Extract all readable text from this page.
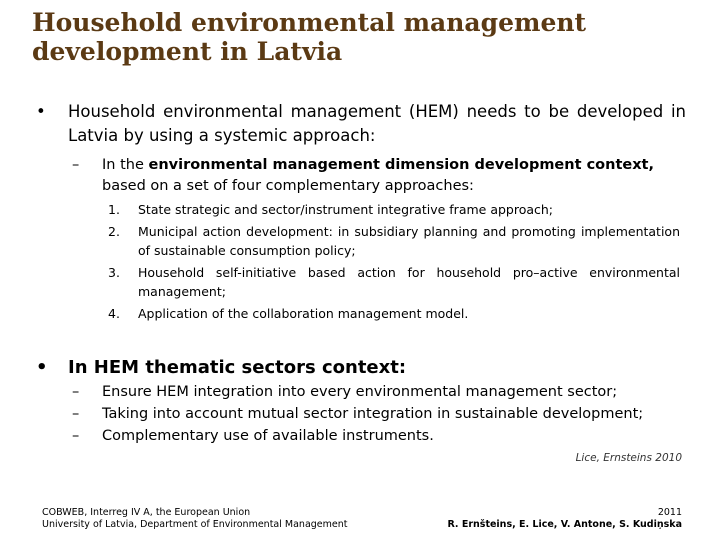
Household environmental management development in Latvia
• Household environmental management (HEM) needs to be developed in Latvia by using a systemic approach:
– In the environmental management dimension development context, based on a set of four complementary approaches:
1. State strategic and sector/instrument integrative frame approach;
2. Municipal action development: in subsidiary planning and promoting implementation of sustainable consumption policy;
3. Household self-initiative based action for household pro–active environmental management;
4. Application of the collaboration management model.
• In HEM thematic sectors context:
– Ensure HEM integration into every environmental management sector;
– Taking into account mutual sector integration in sustainable development;
– Complementary use of available instruments.
Lice, Ernsteins 2010
COBWEB, Interreg IV A, the European Union
University of Latvia, Department of Environmental Management
2011
R. Ernšteins, E. Lice, V. Antone, S. Kudiņska
